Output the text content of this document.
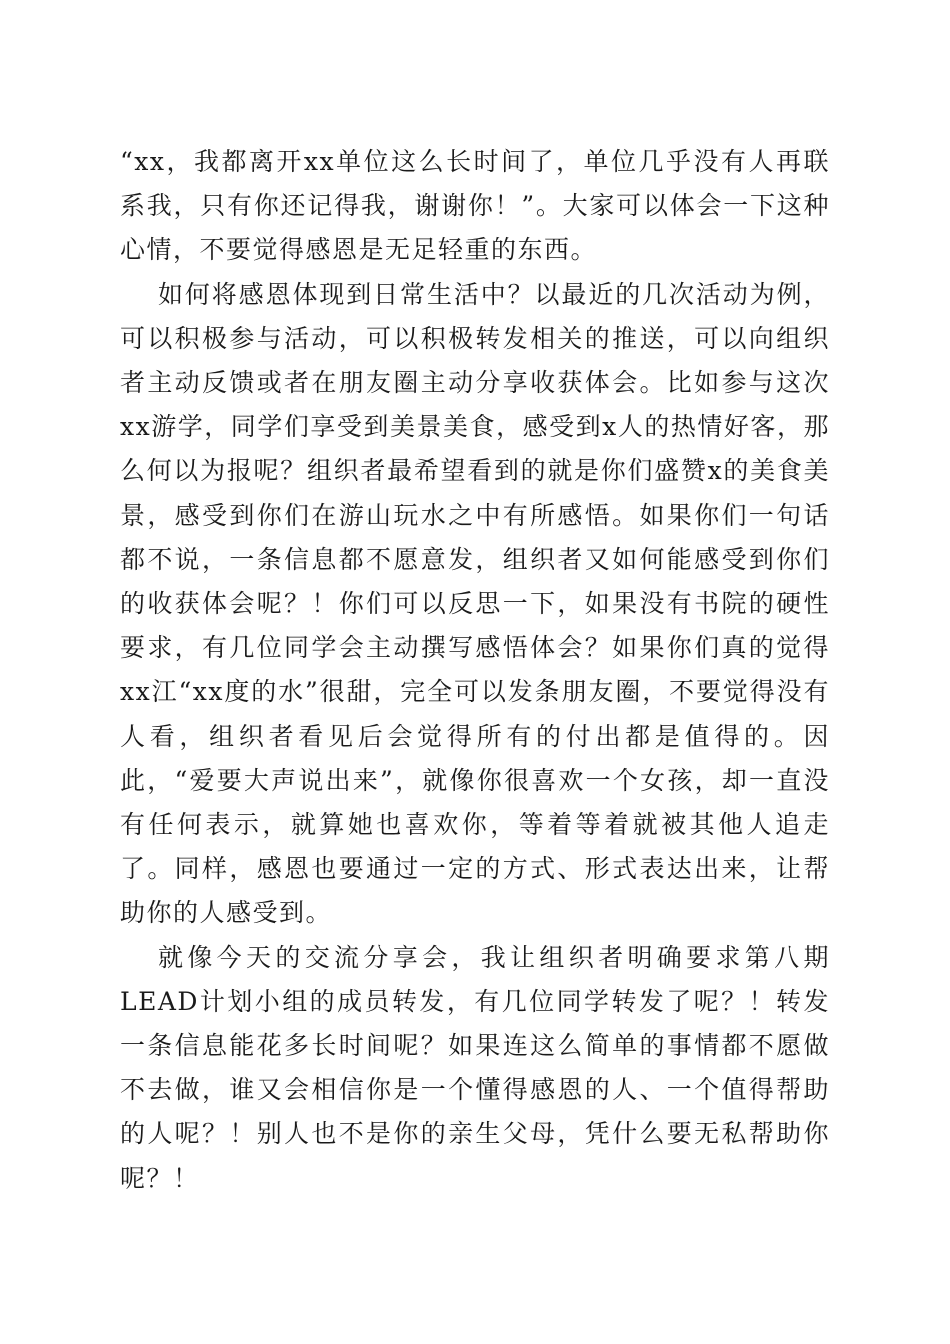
“xx，我都离开xx单位这么长时间了，单位几乎没有人再联系我，只有你还记得我，谢谢你！”。大家可以体会一下这种心情，不要觉得感恩是无足轻重的东西。

如何将感恩体现到日常生活中？以最近的几次活动为例，可以积极参与活动，可以积极转发相关的推送，可以向组织者主动反馈或者在朋友圈主动分享收获体会。比如参与这次xx游学，同学们享受到美景美食，感受到x人的热情好客，那么何以为报呢？组织者最希望看到的就是你们盛赞x的美食美景，感受到你们在游山玩水之中有所感悟。如果你们一句话都不说，一条信息都不愿意发，组织者又如何能感受到你们的收获体会呢？！你们可以反思一下，如果没有书院的硬性要求，有几位同学会主动撰写感悟体会？如果你们真的觉得xx江“xx度的水”很甜，完全可以发条朋友圈，不要觉得没有人看，组织者看见后会觉得所有的付出都是值得的。因此，“爱要大声说出来”，就像你很喜欢一个女孩，却一直没有任何表示，就算她也喜欢你，等着等着就被其他人追走了。同样，感恩也要通过一定的方式、形式表达出来，让帮助你的人感受到。

就像今天的交流分享会，我让组织者明确要求第八期LEAD计划小组的成员转发，有几位同学转发了呢？！转发一条信息能花多长时间呢？如果连这么简单的事情都不愿做不去做，谁又会相信你是一个懂得感恩的人、一个值得帮助的人呢？！别人也不是你的亲生父母，凭什么要无私帮助你呢？！
